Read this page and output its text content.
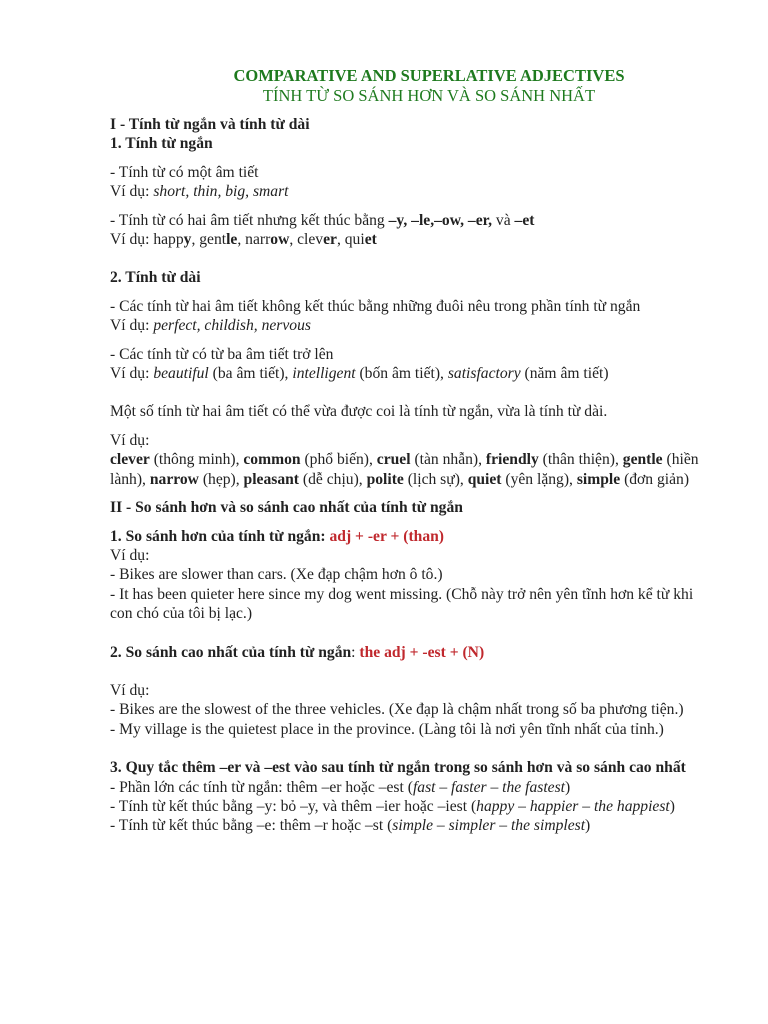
COMPARATIVE AND SUPERLATIVE ADJECTIVES
TÍNH TỪ SO SÁNH HƠN VÀ SO SÁNH NHẤT

I - Tính từ ngắn và tính từ dài

1. Tính từ ngắn

- Tính từ có một âm tiết

Ví dụ: short, thin, big, smart

- Tính từ có hai âm tiết nhưng kết thúc bằng –y, –le,–ow, –er, và –et

Ví dụ: happy, gentle, narrow, clever, quiet

2. Tính từ dài

- Các tính từ hai âm tiết không kết thúc bằng những đuôi nêu trong phần tính từ ngắn

Ví dụ: perfect, childish, nervous

- Các tính từ có từ ba âm tiết trở lên

Ví dụ: beautiful (ba âm tiết), intelligent (bốn âm tiết), satisfactory (năm âm tiết)

Một số tính từ hai âm tiết có thể vừa được coi là tính từ ngắn, vừa là tính từ dài.

Ví dụ:

clever (thông minh), common (phổ biến), cruel (tàn nhẫn), friendly (thân thiện), gentle (hiền lành), narrow (hẹp), pleasant (dễ chịu), polite (lịch sự), quiet (yên lặng), simple (đơn giản)

II - So sánh hơn và so sánh cao nhất của tính từ ngắn

1. So sánh hơn của tính từ ngắn: adj + -er + (than)

Ví dụ:

- Bikes are slower than cars. (Xe đạp chậm hơn ô tô.)

- It has been quieter here since my dog went missing. (Chỗ này trở nên yên tĩnh hơn kể từ khi con chó của tôi bị lạc.)

2. So sánh cao nhất của tính từ ngắn: the adj + -est + (N)

Ví dụ:

- Bikes are the slowest of the three vehicles. (Xe đạp là chậm nhất trong số ba phương tiện.)

- My village is the quietest place in the province. (Làng tôi là nơi yên tĩnh nhất của tỉnh.)

3. Quy tắc thêm –er và –est vào sau tính từ ngắn trong so sánh hơn và so sánh cao nhất

- Phần lớn các tính từ ngắn: thêm –er hoặc –est (fast – faster – the fastest)

- Tính từ kết thúc bằng –y: bỏ –y, và thêm –ier hoặc –iest (happy – happier – the happiest)

- Tính từ kết thúc bằng –e: thêm –r hoặc –st (simple – simpler – the simplest)
